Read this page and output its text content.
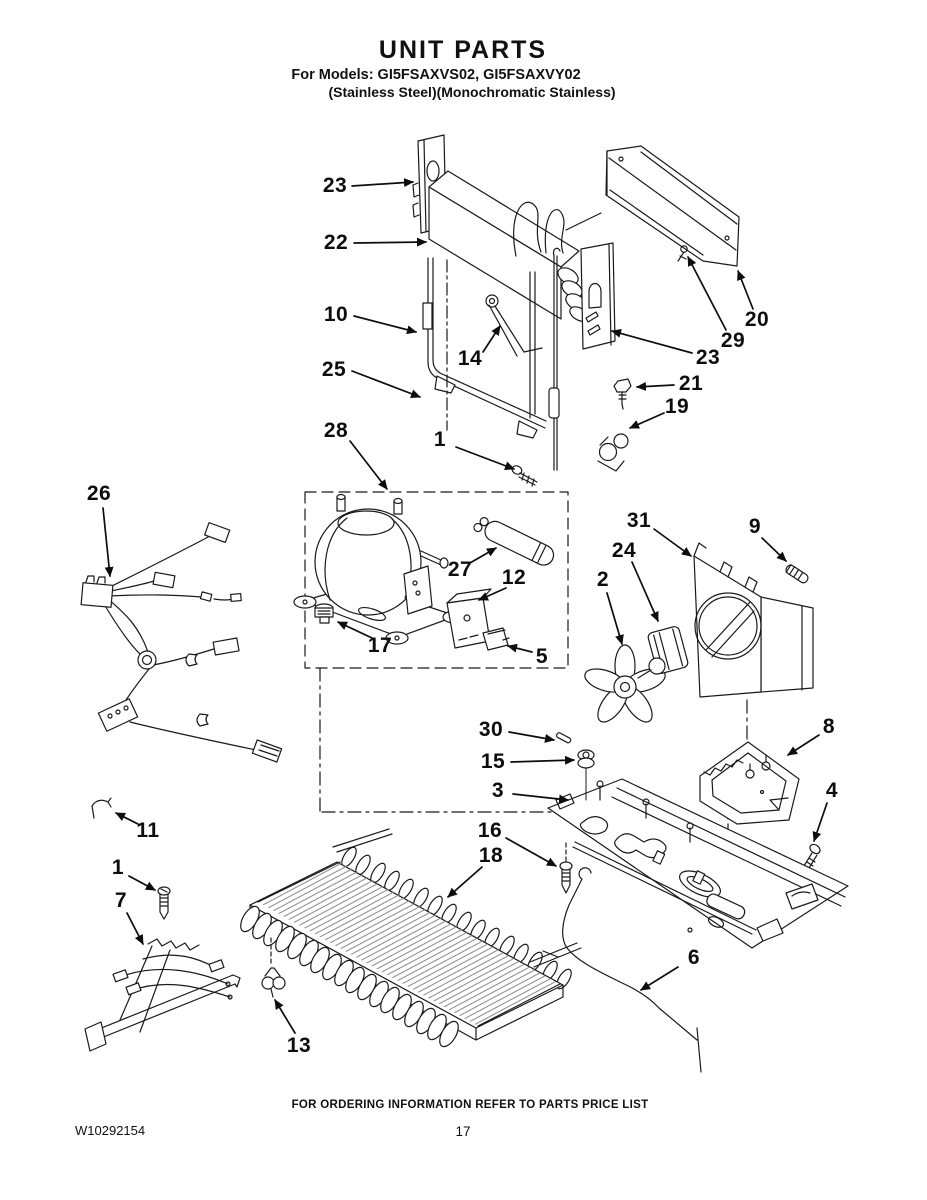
UNIT PARTS
For Models: GI5FSAXVS02, GI5FSAXVY02
(Stainless Steel)(Monochromatic Stainless)
23
22
10
25
28	1
14
26
27 12
17	5
31	9
24
2
20
29
23
21
19
8
4
30
15
3
16
18
13
11
1
7
6
FOR ORDERING INFORMATION REFER TO PARTS PRICE LIST
W10292154	17
